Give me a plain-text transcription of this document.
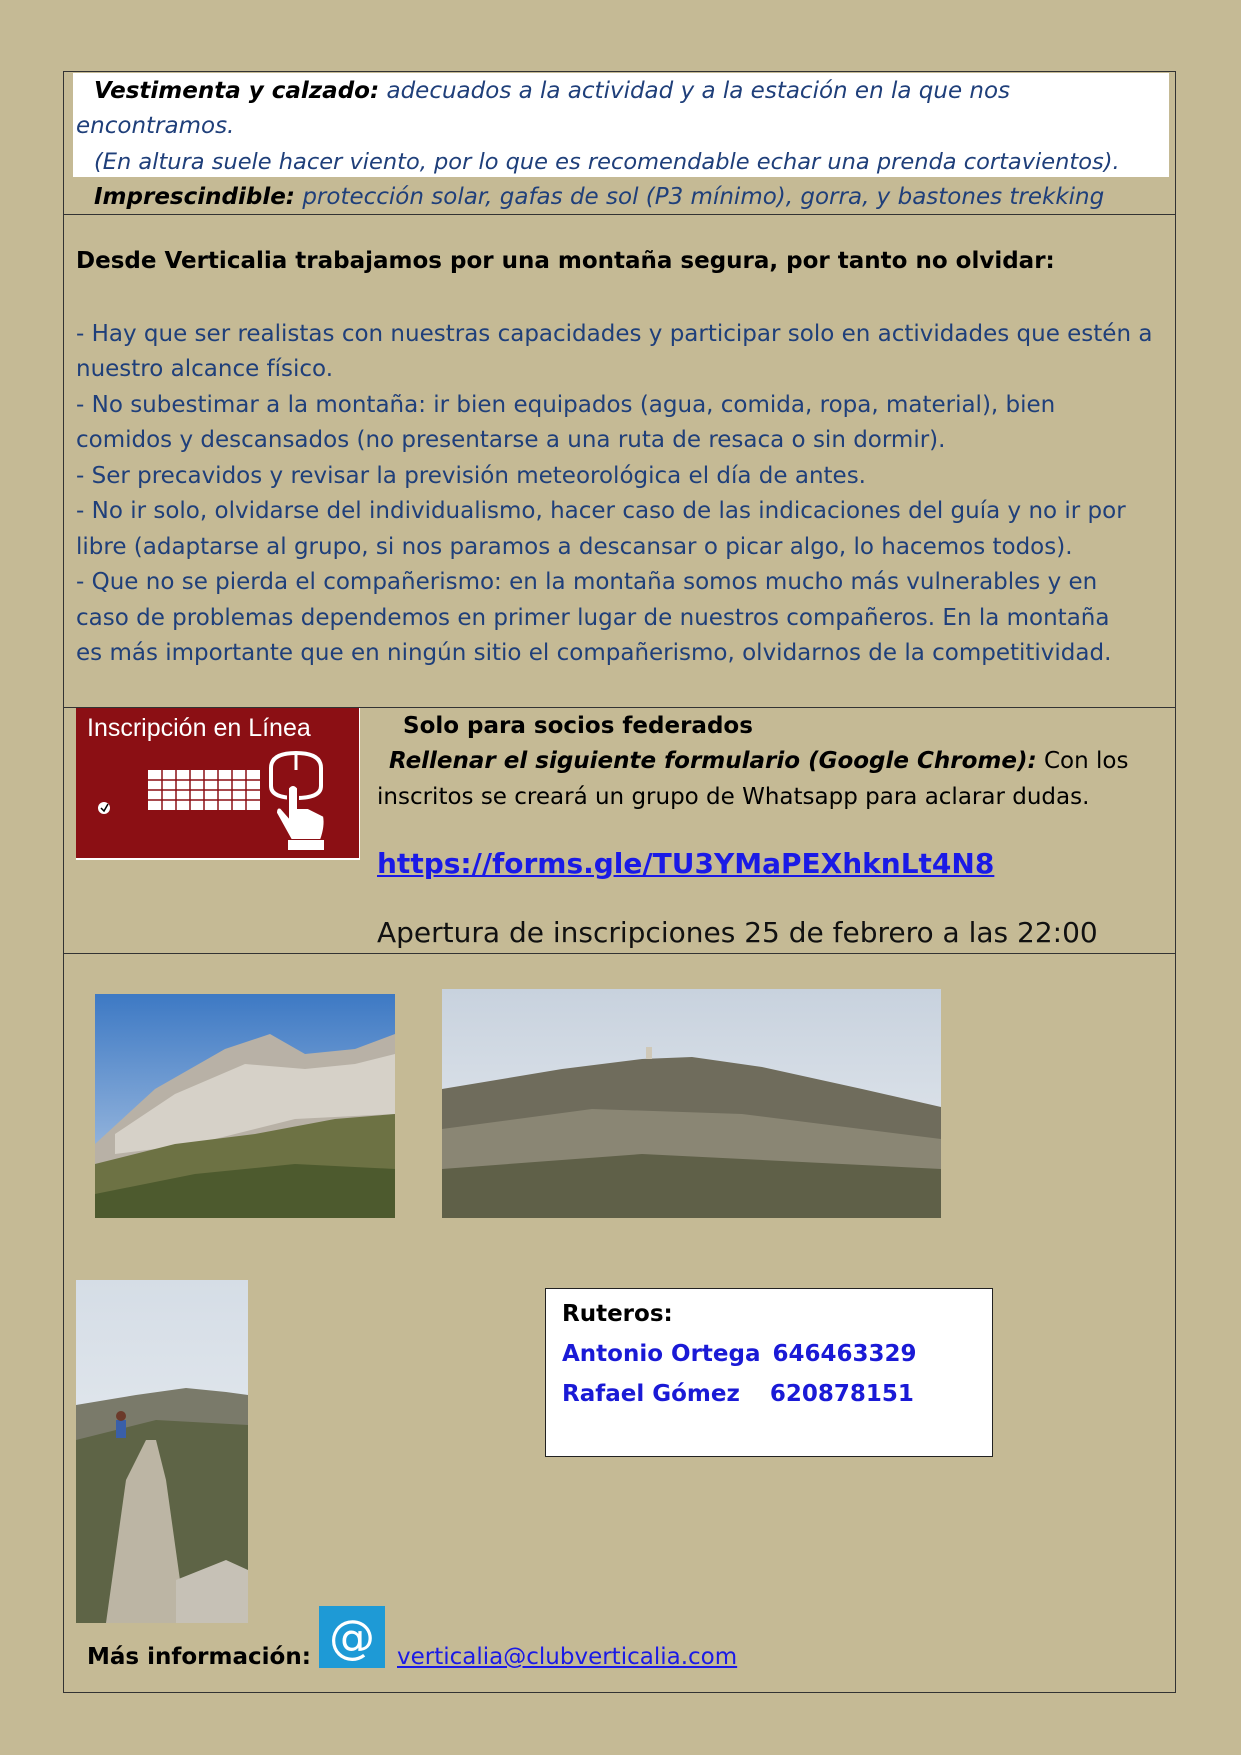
Vestimenta y calzado: adecuados a la actividad y a la estación en la que nos
encontramos.
(En altura suele hacer viento, por lo que es recomendable echar una prenda cortavientos).
Imprescindible: protección solar, gafas de sol (P3 mínimo), gorra, y bastones trekking
Desde Verticalia trabajamos por una montaña segura, por tanto no olvidar:
- Hay que ser realistas con nuestras capacidades y participar solo en actividades que estén a
nuestro alcance físico.
- No subestimar a la montaña: ir bien equipados (agua, comida, ropa, material), bien
comidos y descansados (no presentarse a una ruta de resaca o sin dormir).
- Ser precavidos y revisar la previsión meteorológica el día de antes.
- No ir solo, olvidarse del individualismo, hacer caso de las indicaciones del guía y no ir por
libre (adaptarse al grupo, si nos paramos a descansar o picar algo, lo hacemos todos).
- Que no se pierda el compañerismo: en la montaña somos mucho más vulnerables y en
caso de problemas dependemos en primer lugar de nuestros compañeros. En la montaña
es más importante que en ningún sitio el compañerismo, olvidarnos de la competitividad.
Inscripción en Línea	Solo para socios federados
Rellenar el siguiente formulario (Google Chrome): Con los
inscritos se creará un grupo de Whatsapp para aclarar dudas.
https://forms.gle/TU3YMaPEXhknLt4N8
Apertura de inscripciones 25 de febrero a las 22:00
Ruteros:
Antonio Ortega 646463329
Rafael Gómez 620878151
Más información: @ verticalia@clubverticalia.com
